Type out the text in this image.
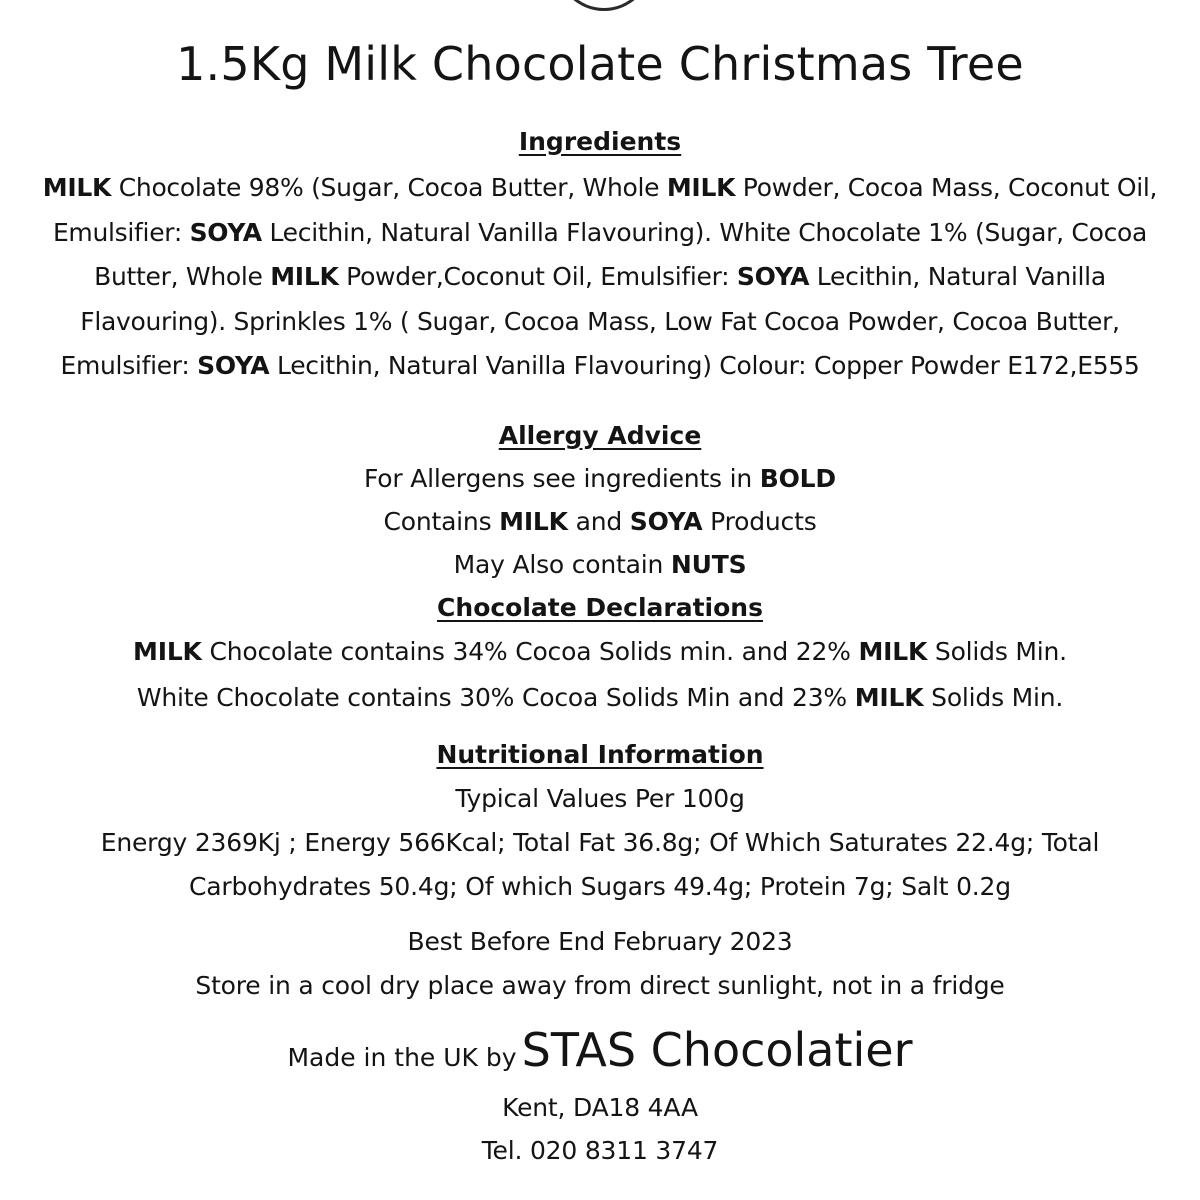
1.5Kg Milk Chocolate Christmas Tree
Ingredients
MILK Chocolate 98% (Sugar, Cocoa Butter, Whole MILK Powder, Cocoa Mass, Coconut Oil,
Emulsifier: SOYA Lecithin, Natural Vanilla Flavouring). White Chocolate 1% (Sugar, Cocoa
Butter, Whole MILK Powder,Coconut Oil, Emulsifier: SOYA Lecithin, Natural Vanilla
Flavouring). Sprinkles 1% ( Sugar, Cocoa Mass, Low Fat Cocoa Powder, Cocoa Butter,
Emulsifier: SOYA Lecithin, Natural Vanilla Flavouring) Colour: Copper Powder E172,E555
Allergy Advice
For Allergens see ingredients in BOLD
Contains MILK and SOYA Products
May Also contain NUTS
Chocolate Declarations
MILK Chocolate contains 34% Cocoa Solids min. and 22% MILK Solids Min.
White Chocolate contains 30% Cocoa Solids Min and 23% MILK Solids Min.
Nutritional Information
Typical Values Per 100g
Energy 2369Kj ; Energy 566Kcal; Total Fat 36.8g; Of Which Saturates 22.4g; Total
Carbohydrates 50.4g; Of which Sugars 49.4g; Protein 7g; Salt 0.2g
Best Before End February 2023
Store in a cool dry place away from direct sunlight, not in a fridge
Made in the UK by STAS Chocolatier
Kent, DA18 4AA
Tel. 020 8311 3747
